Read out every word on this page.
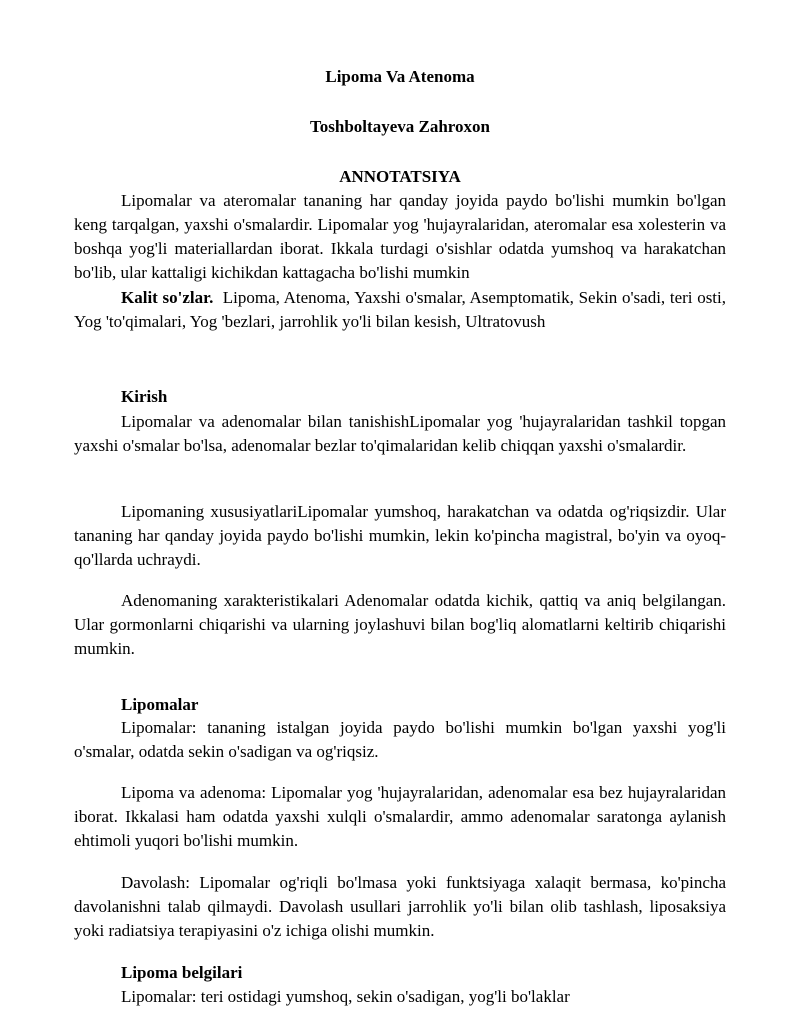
Lipoma Va Atenoma

Toshboltayeva Zahroxon

ANNOTATSIYA

Lipomalar va ateromalar tananing har qanday joyida paydo bo'lishi mumkin bo'lgan keng tarqalgan, yaxshi o'smalardir. Lipomalar yog 'hujayralaridan, ateromalar esa xolesterin va boshqa yog'li materiallardan iborat. Ikkala turdagi o'sishlar odatda yumshoq va harakatchan bo'lib, ular kattaligi kichikdan kattagacha bo'lishi mumkin

Kalit so'zlar. Lipoma, Atenoma, Yaxshi o'smalar, Asemptomatik, Sekin o'sadi, teri osti, Yog 'to'qimalari, Yog 'bezlari, jarrohlik yo'li bilan kesish, Ultratovush

Kirish

Lipomalar va adenomalar bilan tanishishLipomalar yog 'hujayralaridan tashkil topgan yaxshi o'smalar bo'lsa, adenomalar bezlar to'qimalaridan kelib chiqqan yaxshi o'smalardir.

Lipomaning xususiyatlariLipomalar yumshoq, harakatchan va odatda og'riqsizdir. Ular tananing har qanday joyida paydo bo'lishi mumkin, lekin ko'pincha magistral, bo'yin va oyoq-qo'llarda uchraydi.

Adenomaning xarakteristikalari Adenomalar odatda kichik, qattiq va aniq belgilangan. Ular gormonlarni chiqarishi va ularning joylashuvi bilan bog'liq alomatlarni keltirib chiqarishi mumkin.

Lipomalar

Lipomalar: tananing istalgan joyida paydo bo'lishi mumkin bo'lgan yaxshi yog'li o'smalar, odatda sekin o'sadigan va og'riqsiz.

Lipoma va adenoma: Lipomalar yog 'hujayralaridan, adenomalar esa bez hujayralaridan iborat. Ikkalasi ham odatda yaxshi xulqli o'smalardir, ammo adenomalar saratonga aylanish ehtimoli yuqori bo'lishi mumkin.

Davolash: Lipomalar og'riqli bo'lmasa yoki funktsiyaga xalaqit bermasa, ko'pincha davolanishni talab qilmaydi. Davolash usullari jarrohlik yo'li bilan olib tashlash, liposaksiya yoki radiatsiya terapiyasini o'z ichiga olishi mumkin.

Lipoma belgilari

Lipomalar: teri ostidagi yumshoq, sekin o'sadigan, yog'li bo'laklar
